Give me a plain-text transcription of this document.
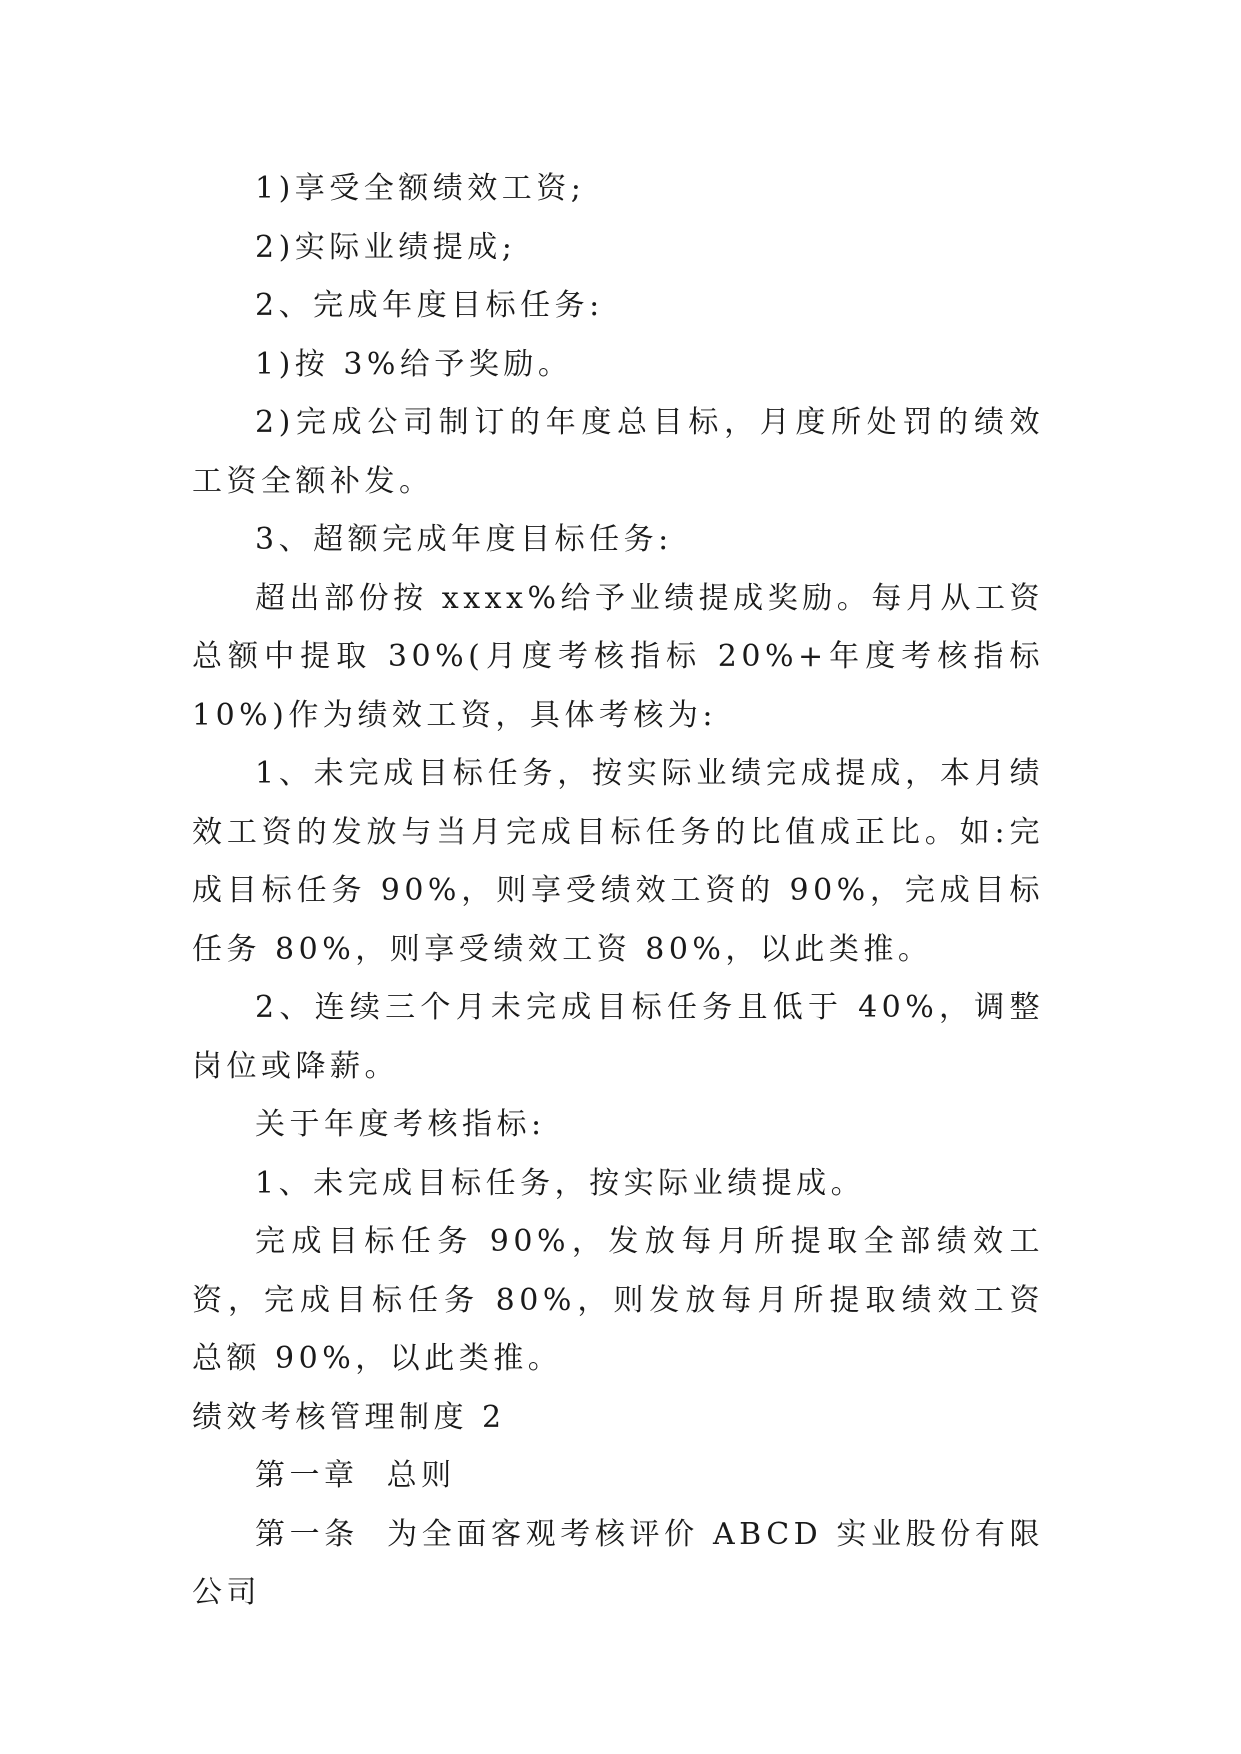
1)享受全额绩效工资;

2)实际业绩提成;

2、完成年度目标任务:

1)按 3%给予奖励。

2)完成公司制订的年度总目标，月度所处罚的绩效工资全额补发。

3、超额完成年度目标任务:

超出部份按 xxxx%给予业绩提成奖励。每月从工资总额中提取 30%(月度考核指标 20%+年度考核指标 10%)作为绩效工资，具体考核为:

1、未完成目标任务，按实际业绩完成提成，本月绩效工资的发放与当月完成目标任务的比值成正比。如:完成目标任务 90%，则享受绩效工资的 90%，完成目标任务 80%，则享受绩效工资 80%，以此类推。

2、连续三个月未完成目标任务且低于 40%，调整岗位或降薪。

关于年度考核指标:

1、未完成目标任务，按实际业绩提成。

完成目标任务 90%，发放每月所提取全部绩效工资，完成目标任务 80%，则发放每月所提取绩效工资总额 90%，以此类推。

绩效考核管理制度 2

第一章  总则

第一条  为全面客观考核评价 ABCD 实业股份有限公司
